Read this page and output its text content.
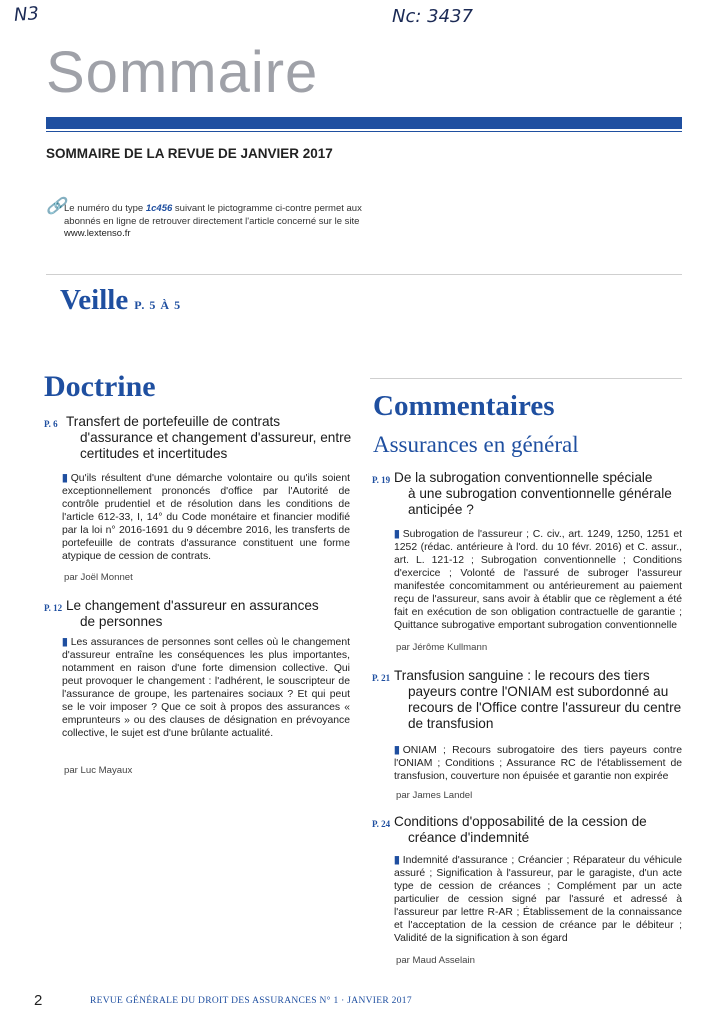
N3	Nc: 3437
Sommaire
SOMMAIRE DE LA REVUE DE JANVIER 2017
🔗
Le numéro du type 1c456 suivant le pictogramme ci-contre permet aux abonnés en ligne de retrouver directement l'article concerné sur le site www.lextenso.fr
Veille P. 5 À 5
Doctrine
P. 6 Transfert de portefeuille de contrats
d'assurance et changement d'assureur, entre
certitudes et incertitudes
▮ Qu'ils résultent d'une démarche volontaire ou qu'ils soient exceptionnellement prononcés d'office par l'Autorité de contrôle prudentiel et de résolution dans les conditions de l'article 612-33, I, 14° du Code monétaire et financier modifié par la loi n° 2016-1691 du 9 décembre 2016, les transferts de portefeuille de contrats d'assurance constituent une forme atypique de cession de contrats.
par Joël Monnet
P. 12 Le changement d'assureur en assurances
de personnes
▮ Les assurances de personnes sont celles où le changement d'assureur entraîne les conséquences les plus importantes, notamment en raison d'une forte dimension collective. Qui peut provoquer le changement : l'adhérent, le souscripteur de l'assurance de groupe, les partenaires sociaux ? Et qui peut se le voir imposer ? Que ce soit à propos des assurances « emprunteurs » ou des clauses de désignation en prévoyance collective, le sujet est d'une brûlante actualité.
par Luc Mayaux
Commentaires
Assurances en général
P. 19 De la subrogation conventionnelle spéciale
à une subrogation conventionnelle générale
anticipée ?
▮ Subrogation de l'assureur ; C. civ., art. 1249, 1250, 1251 et 1252 (rédac. antérieure à l'ord. du 10 févr. 2016) et C. assur., art. L. 121-12 ; Subrogation conventionnelle ; Conditions d'exercice ; Volonté de l'assuré de subroger l'assureur manifestée concomitamment ou antérieurement au paiement reçu de l'assureur, sans avoir à établir que ce règlement a été fait en exécution de son obligation contractuelle de garantie ; Quittance subrogative emportant subrogation conventionnelle
par Jérôme Kullmann
P. 21 Transfusion sanguine : le recours des tiers
payeurs contre l'ONIAM est subordonné au
recours de l'Office contre l'assureur du centre
de transfusion
▮ ONIAM ; Recours subrogatoire des tiers payeurs contre l'ONIAM ; Conditions ; Assurance RC de l'établissement de transfusion, couverture non épuisée et garantie non expirée
par James Landel
P. 24 Conditions d'opposabilité de la cession de
créance d'indemnité
▮ Indemnité d'assurance ; Créancier ; Réparateur du véhicule assuré ; Signification à l'assureur, par le garagiste, d'un acte type de cession de créances ; Complément par un acte particulier de cession signé par l'assuré et adressé à l'assureur par lettre R-AR ; Établissement de la connaissance et l'acceptation de la cession de créance par le débiteur ; Validité de la signification à son égard
par Maud Asselain
2	REVUE GÉNÉRALE DU DROIT DES ASSURANCES N° 1 · JANVIER 2017
